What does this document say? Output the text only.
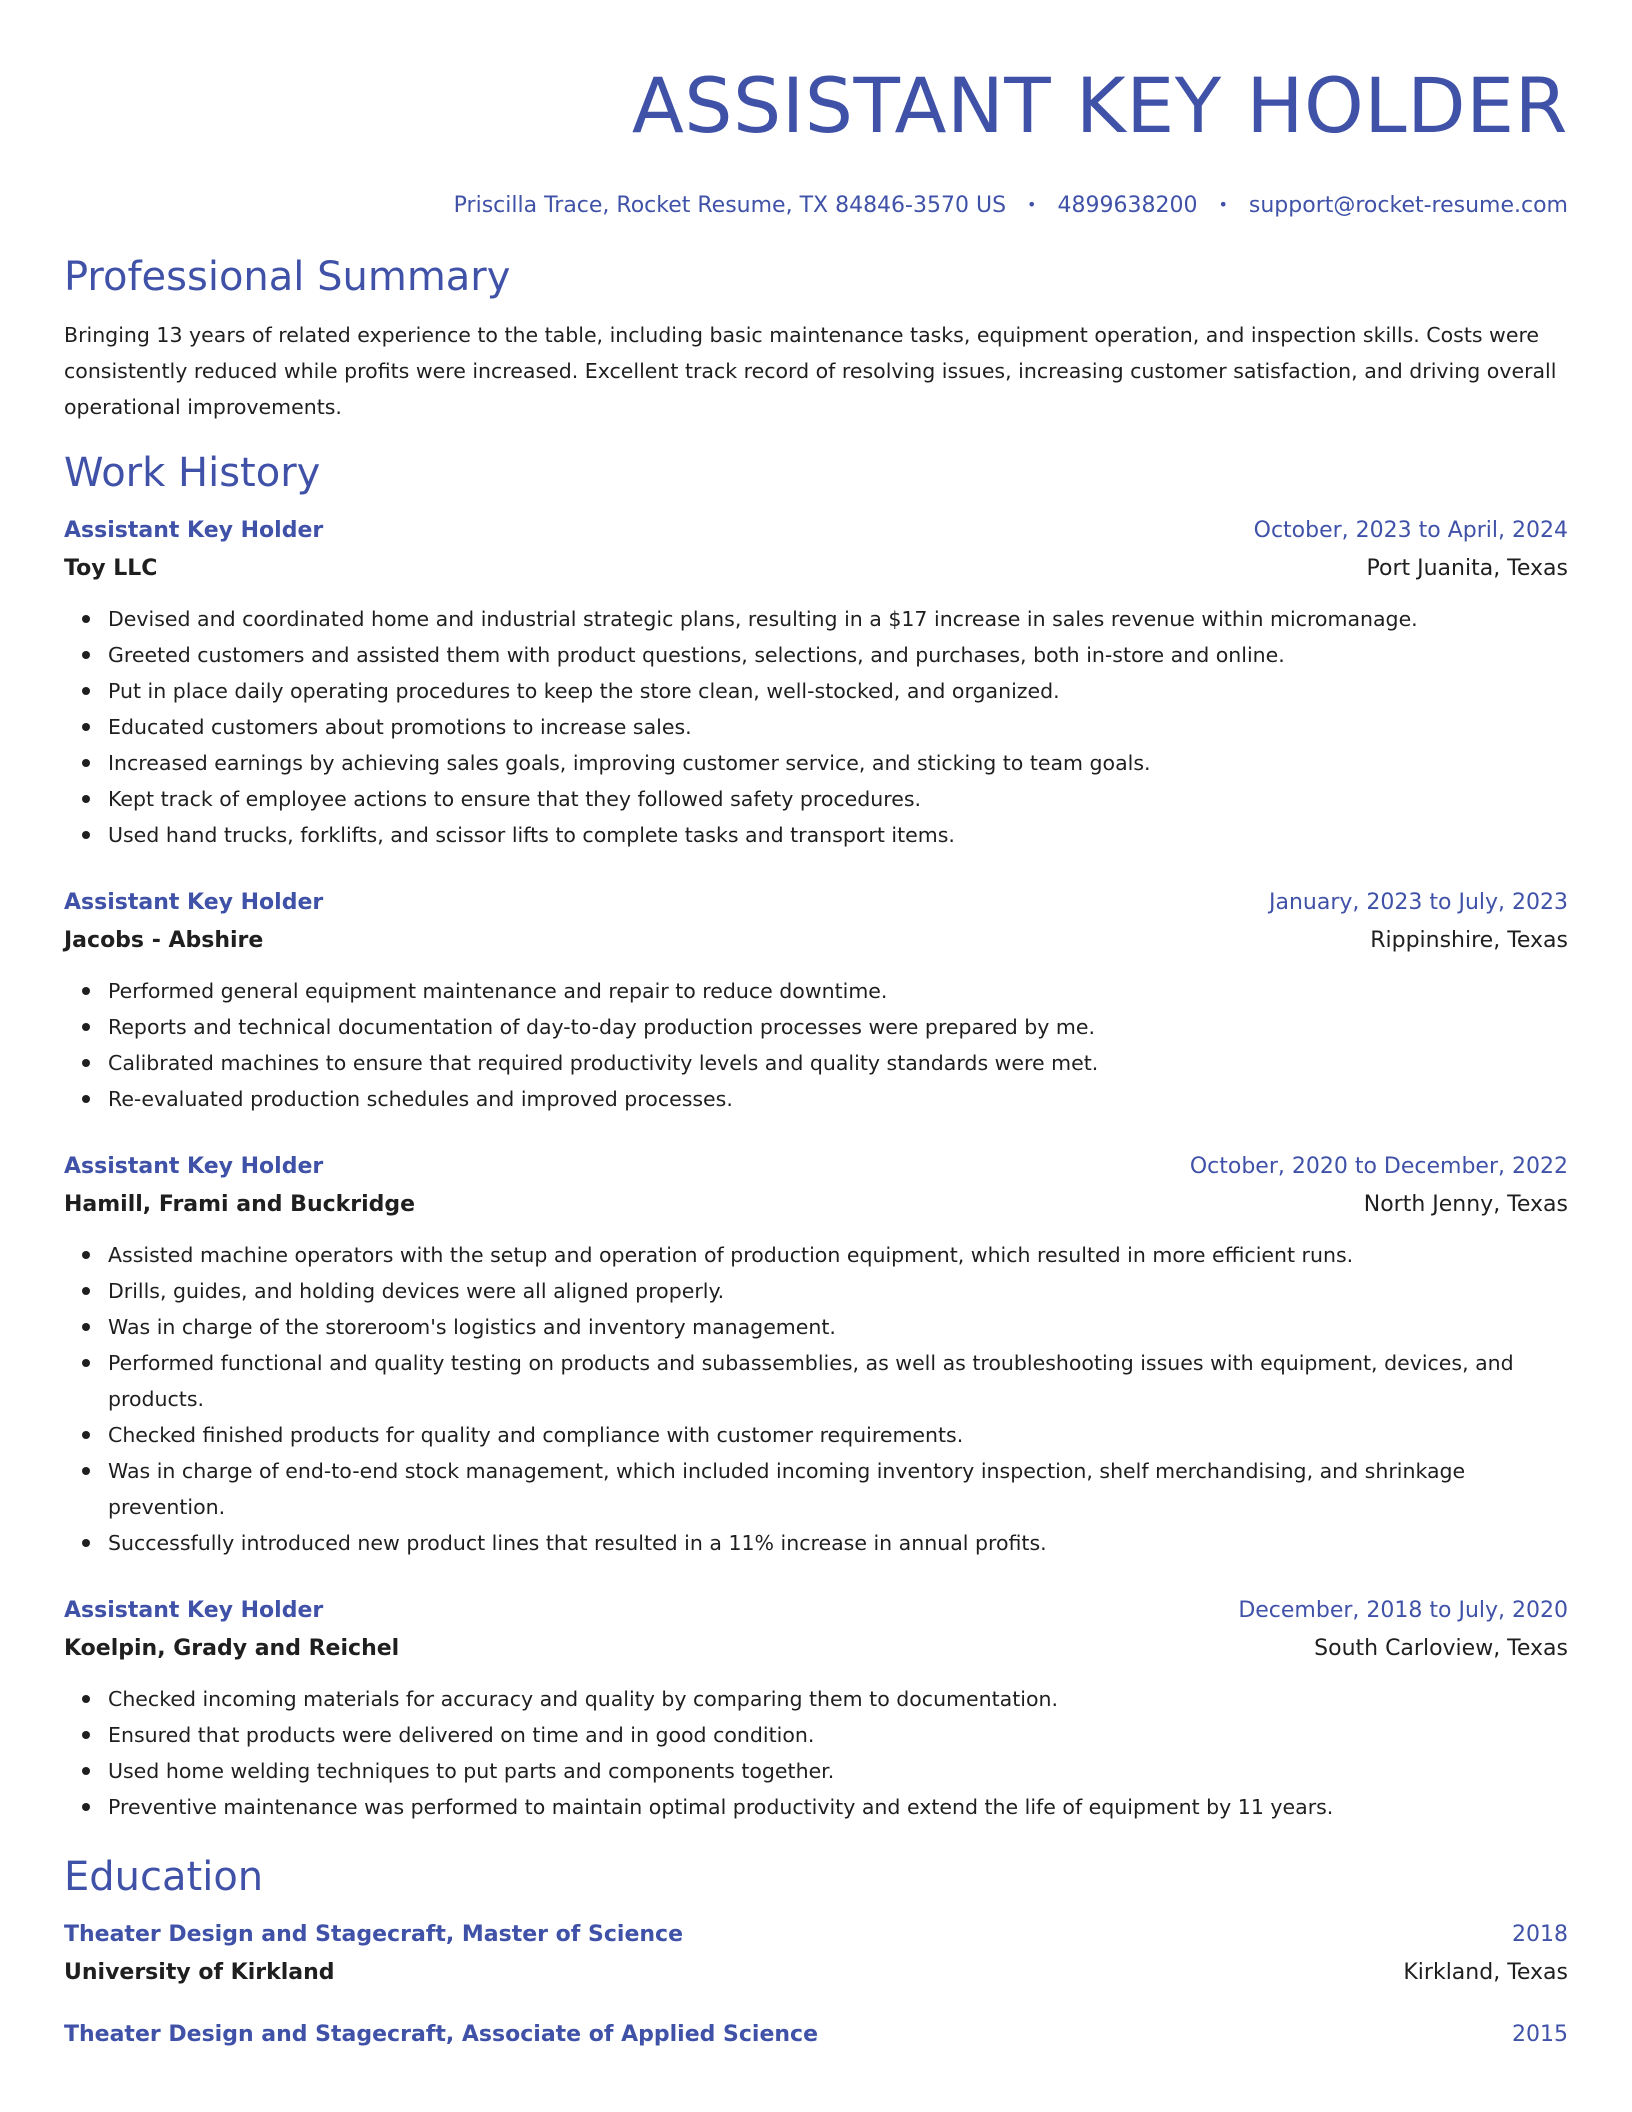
ASSISTANT KEY HOLDER
Priscilla Trace, Rocket Resume, TX 84846-3570 US • 4899638200 • support@rocket-resume.com
Professional Summary
Bringing 13 years of related experience to the table, including basic maintenance tasks, equipment operation, and inspection skills. Costs were consistently reduced while profits were increased. Excellent track record of resolving issues, increasing customer satisfaction, and driving overall operational improvements.
Work History
Assistant Key Holder	October, 2023 to April, 2024
Toy LLC	Port Juanita, Texas
Devised and coordinated home and industrial strategic plans, resulting in a $17 increase in sales revenue within micromanage.
Greeted customers and assisted them with product questions, selections, and purchases, both in-store and online.
Put in place daily operating procedures to keep the store clean, well-stocked, and organized.
Educated customers about promotions to increase sales.
Increased earnings by achieving sales goals, improving customer service, and sticking to team goals.
Kept track of employee actions to ensure that they followed safety procedures.
Used hand trucks, forklifts, and scissor lifts to complete tasks and transport items.
Assistant Key Holder	January, 2023 to July, 2023
Jacobs - Abshire	Rippinshire, Texas
Performed general equipment maintenance and repair to reduce downtime.
Reports and technical documentation of day-to-day production processes were prepared by me.
Calibrated machines to ensure that required productivity levels and quality standards were met.
Re-evaluated production schedules and improved processes.
Assistant Key Holder	October, 2020 to December, 2022
Hamill, Frami and Buckridge	North Jenny, Texas
Assisted machine operators with the setup and operation of production equipment, which resulted in more efficient runs.
Drills, guides, and holding devices were all aligned properly.
Was in charge of the storeroom's logistics and inventory management.
Performed functional and quality testing on products and subassemblies, as well as troubleshooting issues with equipment, devices, and products.
Checked finished products for quality and compliance with customer requirements.
Was in charge of end-to-end stock management, which included incoming inventory inspection, shelf merchandising, and shrinkage prevention.
Successfully introduced new product lines that resulted in a 11% increase in annual profits.
Assistant Key Holder	December, 2018 to July, 2020
Koelpin, Grady and Reichel	South Carloview, Texas
Checked incoming materials for accuracy and quality by comparing them to documentation.
Ensured that products were delivered on time and in good condition.
Used home welding techniques to put parts and components together.
Preventive maintenance was performed to maintain optimal productivity and extend the life of equipment by 11 years.
Education
Theater Design and Stagecraft, Master of Science	2018
University of Kirkland	Kirkland, Texas
Theater Design and Stagecraft, Associate of Applied Science	2015
